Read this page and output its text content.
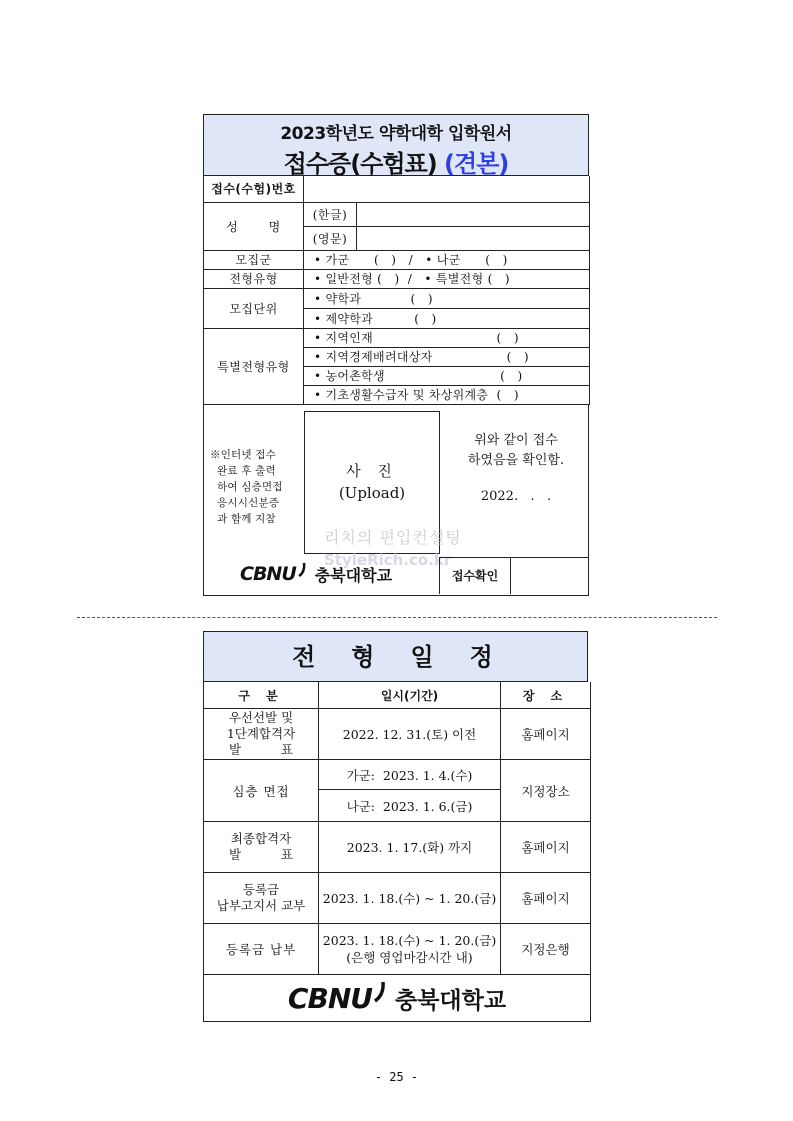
2023학년도 약학대학 입학원서
접수증(수험표) (견본)
접수(수험)번호		
성       명	(한글)	
	(영문)	
모집군	• 가군      (   )   /   • 나군      (   )	
전형유형	• 일반전형 (   )  /   • 특별전형 (   )	
모집단위	• 약학과            (   )	
	• 제약학과          (   )	
특별전형유형	• 지역인재                              (   )	
	• 지역경제배려대상자                  (   )	
	• 농어촌학생                            (   )	
	• 기초생활수급자 및 차상위계층  (   )	
※인터넷 접수
완료 후 출력
하여 심층면접
응시시신분증
과 함께 지참
사 진
(Upload)
위와 같이 접수
하였음을 확인함.
2022.   .   .
리치의 편입컨설팅
StyleRich.co.kr
CBNU 충북대학교	접수확인
전형일정
구 분	일시(기간)	장 소

우선선발 및
1단계합격자
발          표	2022. 12. 31.(토) 이전	홈페이지
심층 면접	가군:  2023. 1. 4.(수)	지정장소
	나군:  2023. 1. 6.(금)	

최종합격자
발          표	2023. 1. 17.(화) 까지	홈페이지

등록금
납부고지서 교부	2023. 1. 18.(수) ~ 1. 20.(금)	홈페이지
등록금 납부	2023. 1. 18.(수) ~ 1. 20.(금)
(은행 영업마감시간 내)	지정은행

CBNU 충북대학교		
- 25 -
